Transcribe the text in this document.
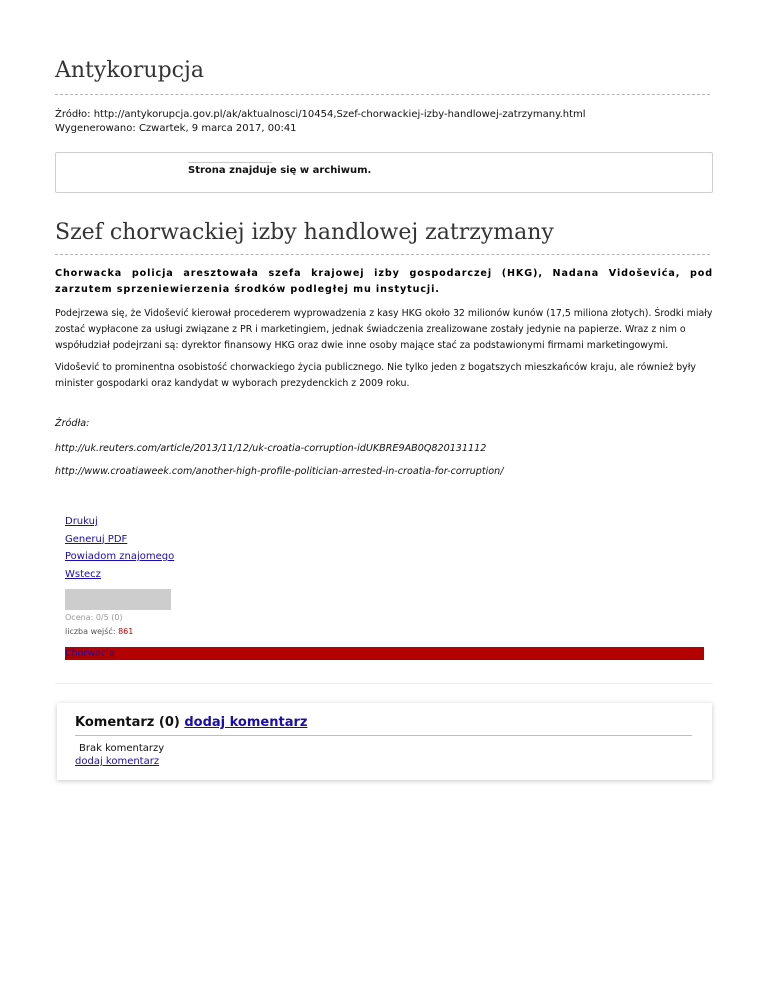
Antykorupcja
Źródło: http://antykorupcja.gov.pl/ak/aktualnosci/10454,Szef-chorwackiej-izby-handlowej-zatrzymany.html
Wygenerowano: Czwartek, 9 marca 2017, 00:41
Strona znajduje się w archiwum.
Szef chorwackiej izby handlowej zatrzymany

Chorwacka policja aresztowała szefa krajowej izby gospodarczej (HKG), Nadana Vidoševića, pod zarzutem sprzeniewierzenia środków podległej mu instytucji.

Podejrzewa się, że Vidošević kierował procederem wyprowadzenia z kasy HKG około 32 milionów kunów (17,5 miliona złotych). Środki miały zostać wypłacone za usługi związane z PR i marketingiem, jednak świadczenia zrealizowane zostały jedynie na papierze. Wraz z nim o współudział podejrzani są: dyrektor finansowy HKG oraz dwie inne osoby mające stać za podstawionymi firmami marketingowymi.

Vidošević to prominentna osobistość chorwackiego życia publicznego. Nie tylko jeden z bogatszych mieszkańców kraju, ale również były minister gospodarki oraz kandydat w wyborach prezydenckich z 2009 roku.

Źródła:

http://uk.reuters.com/article/2013/11/12/uk-croatia-corruption-idUKBRE9AB0Q820131112

http://www.croatiaweek.com/another-high-profile-politician-arrested-in-croatia-for-corruption/

Drukuj
Generuj PDF
Powiadom znajomego
Wstecz
Ocena: 0/5 (0)
liczba wejść: 861
Chorwacja
Komentarz (0) dodaj komentarz
Brak komentarzy
dodaj komentarz
